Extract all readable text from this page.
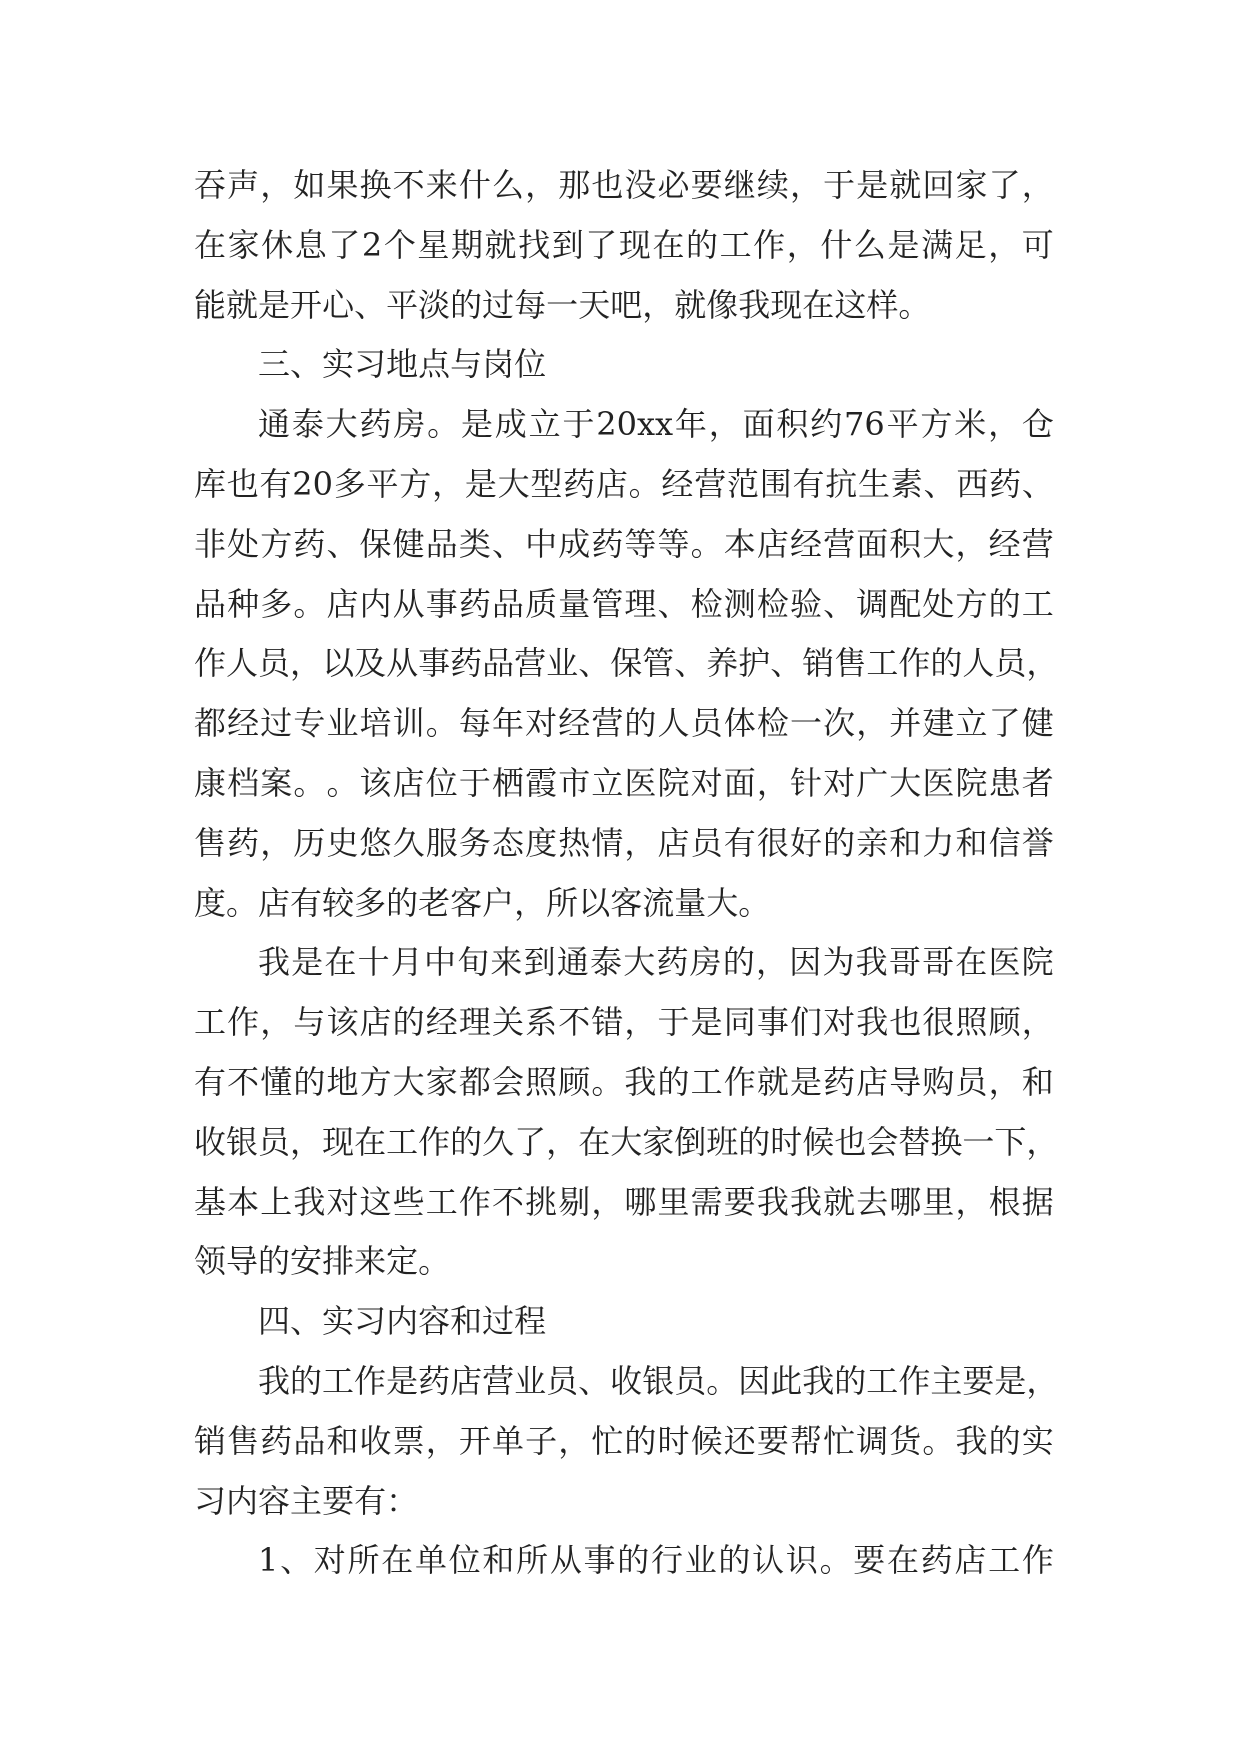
吞 声 ， 如 果 换 不 来 什 么 ， 那 也 没 必 要 继 续 ， 于 是 就 回 家 了 ，
在 家 休 息 了 2 个 星 期 就 找 到 了 现 在 的 工 作 ， 什 么 是 满 足 ， 可
能 就 是 开 心 、 平 淡 的 过 每 一 天 吧 ， 就 像 我 现 在 这 样 。
三 、 实 习 地 点 与 岗 位
通 泰 大 药 房 。 是 成 立 于 20xx 年 ， 面 积 约 76 平 方 米 ， 仓
库 也 有 20 多 平 方 ， 是 大 型 药 店 。 经 营 范 围 有 抗 生 素 、 西 药 、
非 处 方 药 、 保 健 品 类 、 中 成 药 等 等 。 本 店 经 营 面 积 大 ， 经 营
品 种 多 。 店 内 从 事 药 品 质 量 管 理 、 检 测 检 验 、 调 配 处 方 的 工
作 人 员 ， 以 及 从 事 药 品 营 业 、 保 管 、 养 护 、 销 售 工 作 的 人 员 ，
都 经 过 专 业 培 训 。 每 年 对 经 营 的 人 员 体 检 一 次 ， 并 建 立 了 健
康 档 案 。 。 该 店 位 于 栖 霞 市 立 医 院 对 面 ， 针 对 广 大 医 院 患 者
售 药 ， 历 史 悠 久 服 务 态 度 热 情 ， 店 员 有 很 好 的 亲 和 力 和 信 誉
度 。 店 有 较 多 的 老 客 户 ， 所 以 客 流 量 大 。
我 是 在 十 月 中 旬 来 到 通 泰 大 药 房 的 ， 因 为 我 哥 哥 在 医 院
工 作 ， 与 该 店 的 经 理 关 系 不 错 ， 于 是 同 事 们 对 我 也 很 照 顾 ，
有 不 懂 的 地 方 大 家 都 会 照 顾 。 我 的 工 作 就 是 药 店 导 购 员 ， 和
收 银 员 ， 现 在 工 作 的 久 了 ， 在 大 家 倒 班 的 时 候 也 会 替 换 一 下 ，
基 本 上 我 对 这 些 工 作 不 挑 剔 ， 哪 里 需 要 我 我 就 去 哪 里 ， 根 据
领 导 的 安 排 来 定 。
四 、 实 习 内 容 和 过 程
我 的 工 作 是 药 店 营 业 员 、 收 银 员 。 因 此 我 的 工 作 主 要 是 ，
销 售 药 品 和 收 票 ， 开 单 子 ， 忙 的 时 候 还 要 帮 忙 调 货 。 我 的 实
习 内 容 主 要 有 ：
1 、 对 所 在 单 位 和 所 从 事 的 行 业 的 认 识 。 要 在 药 店 工 作
